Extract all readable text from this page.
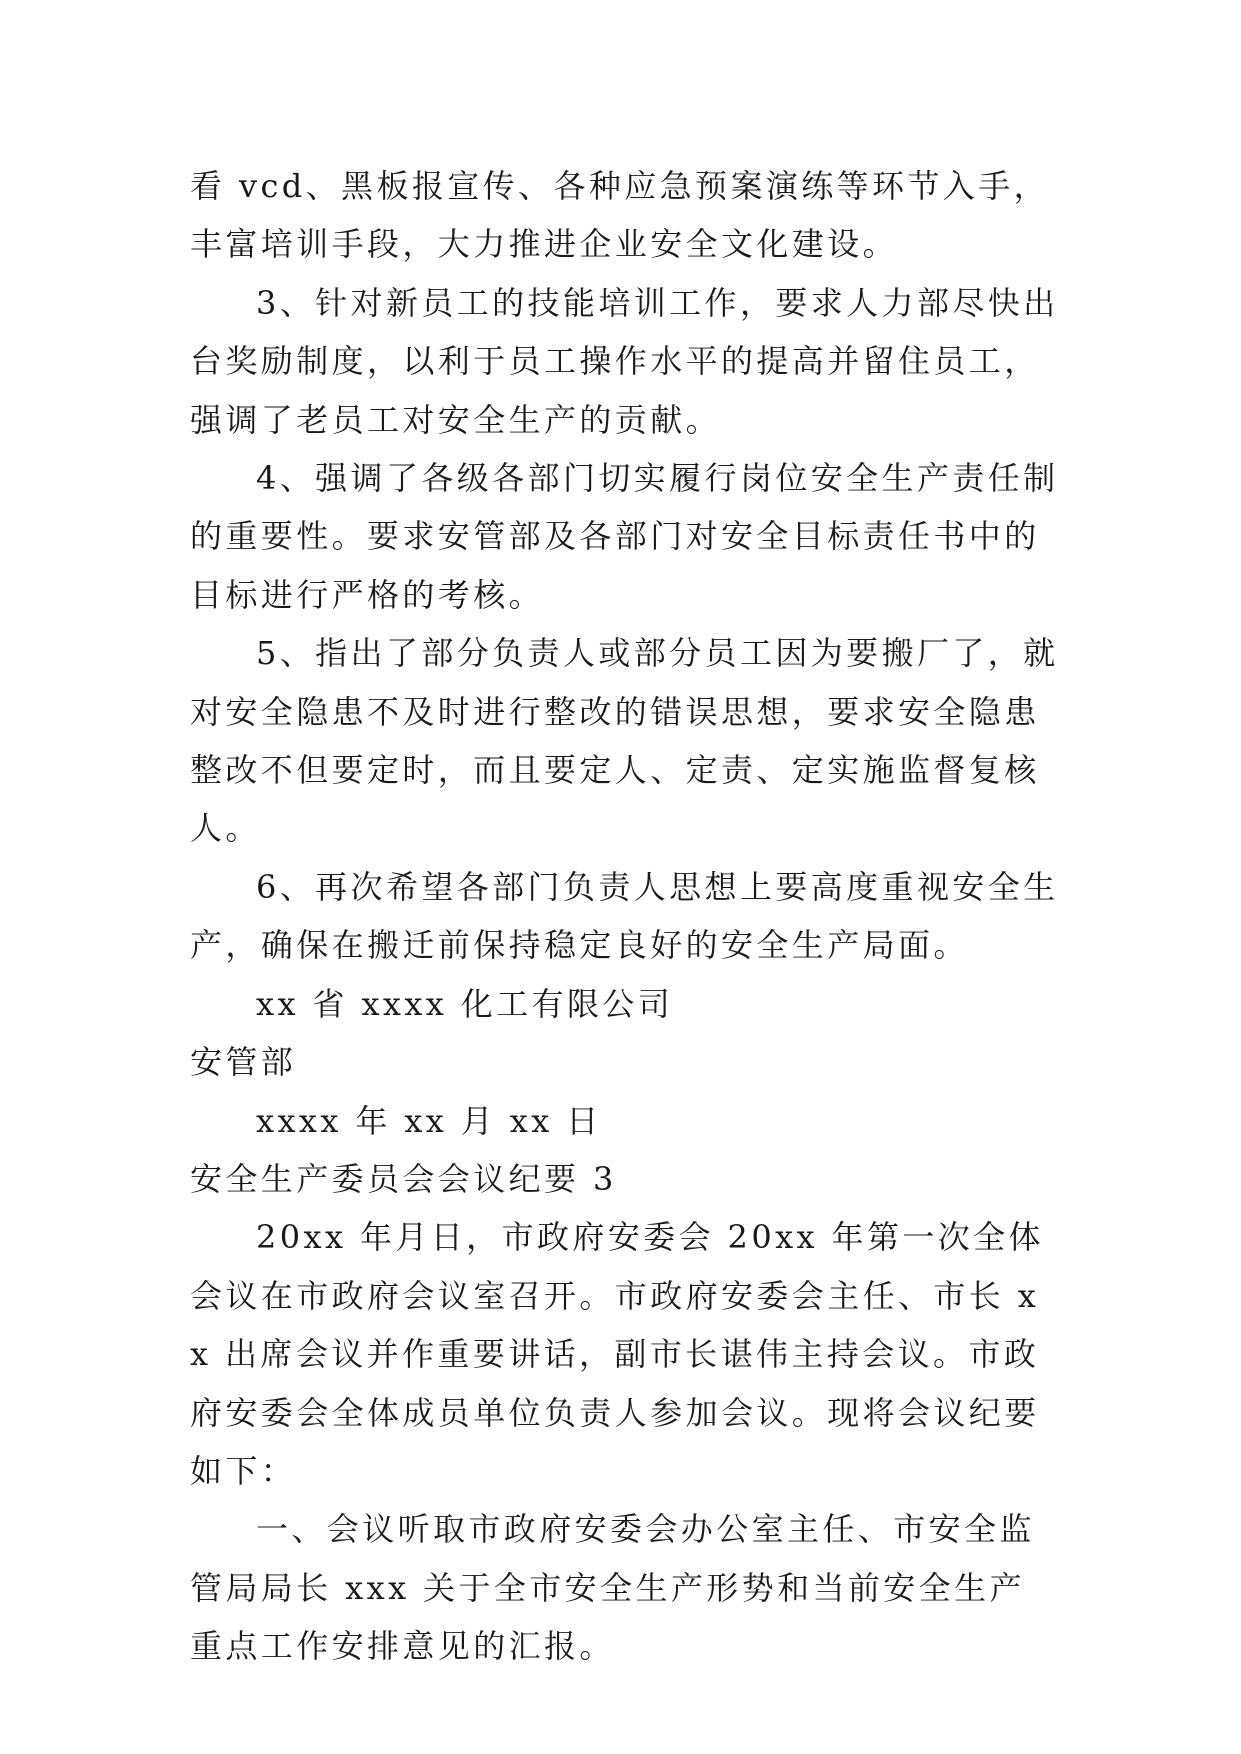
看 vcd、黑板报宣传、各种应急预案演练等环节入手，丰富培训手段，大力推进企业安全文化建设。

3、针对新员工的技能培训工作，要求人力部尽快出台奖励制度，以利于员工操作水平的提高并留住员工，强调了老员工对安全生产的贡献。

4、强调了各级各部门切实履行岗位安全生产责任制的重要性。要求安管部及各部门对安全目标责任书中的目标进行严格的考核。

5、指出了部分负责人或部分员工因为要搬厂了，就对安全隐患不及时进行整改的错误思想，要求安全隐患整改不但要定时，而且要定人、定责、定实施监督复核人。

6、再次希望各部门负责人思想上要高度重视安全生产，确保在搬迁前保持稳定良好的安全生产局面。

xx 省 xxxx 化工有限公司

安管部

xxxx 年 xx 月 xx 日

安全生产委员会会议纪要 3

20xx 年月日，市政府安委会 20xx 年第一次全体会议在市政府会议室召开。市政府安委会主任、市长 xx 出席会议并作重要讲话，副市长谌伟主持会议。市政府安委会全体成员单位负责人参加会议。现将会议纪要如下：

一、会议听取市政府安委会办公室主任、市安全监管局局长 xxx 关于全市安全生产形势和当前安全生产重点工作安排意见的汇报。
